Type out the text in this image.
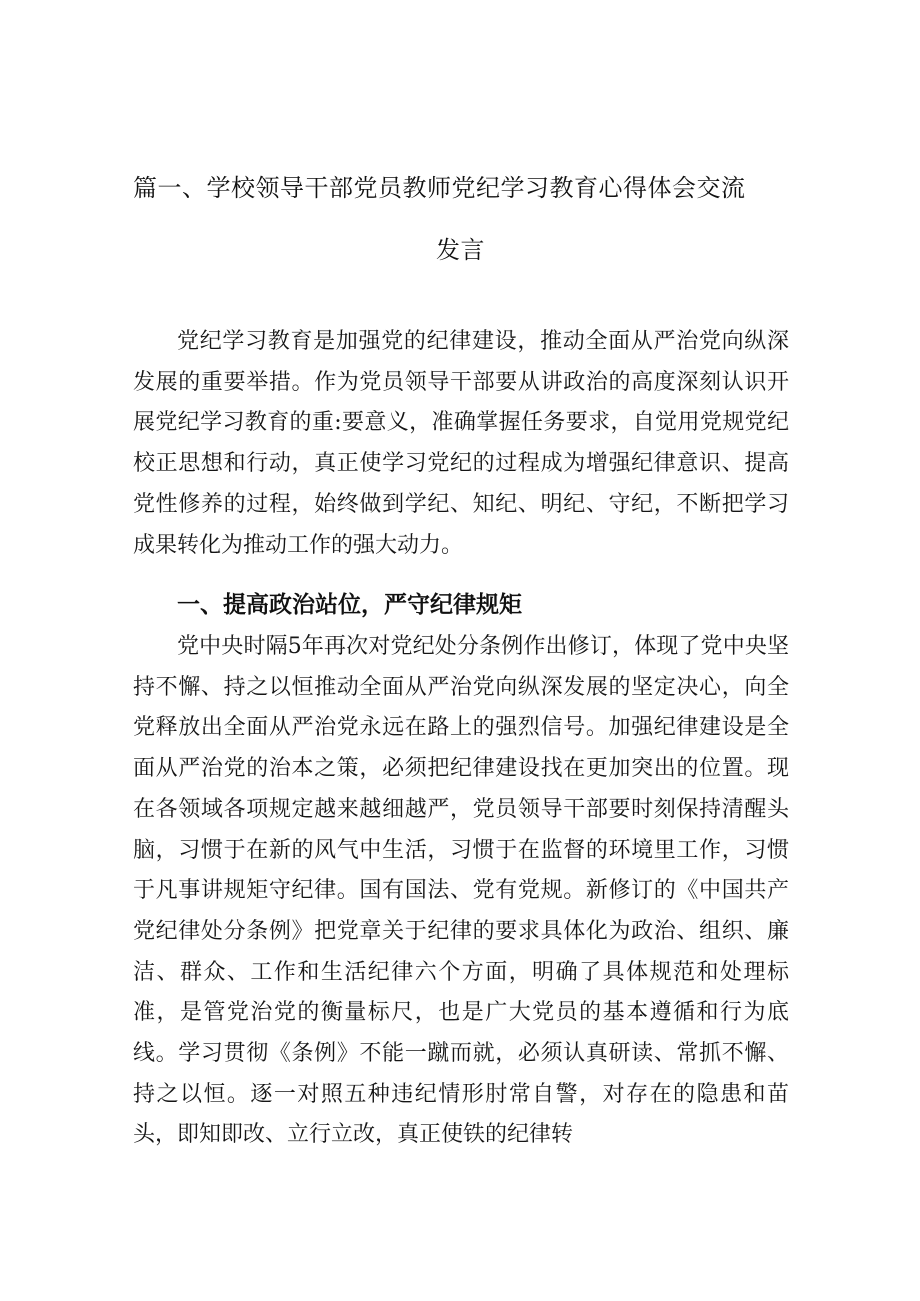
篇一、学校领导干部党员教师党纪学习教育心得体会交流
发言

党纪学习教育是加强党的纪律建设，推动全面从严治党向纵深发展的重要举措。作为党员领导干部要从讲政治的高度深刻认识开展党纪学习教育的重:要意义，准确掌握任务要求，自觉用党规党纪校正思想和行动，真正使学习党纪的过程成为增强纪律意识、提高党性修养的过程，始终做到学纪、知纪、明纪、守纪，不断把学习成果转化为推动工作的强大动力。

一、提高政治站位，严守纪律规矩

党中央时隔5年再次对党纪处分条例作出修订，体现了党中央坚持不懈、持之以恒推动全面从严治党向纵深发展的坚定决心，向全党释放出全面从严治党永远在路上的强烈信号。加强纪律建设是全面从严治党的治本之策，必须把纪律建设找在更加突出的位置。现在各领域各项规定越来越细越严，党员领导干部要时刻保持清醒头脑，习惯于在新的风气中生活，习惯于在监督的环境里工作，习惯于凡事讲规矩守纪律。国有国法、党有党规。新修订的《中国共产党纪律处分条例》把党章关于纪律的要求具体化为政治、组织、廉洁、群众、工作和生活纪律六个方面，明确了具体规范和处理标准，是管党治党的衡量标尺，也是广大党员的基本遵循和行为底线。学习贯彻《条例》不能一蹴而就，必须认真研读、常抓不懈、持之以恒。逐一对照五种违纪情形肘常自警，对存在的隐患和苗头，即知即改、立行立改，真正使铁的纪律转
